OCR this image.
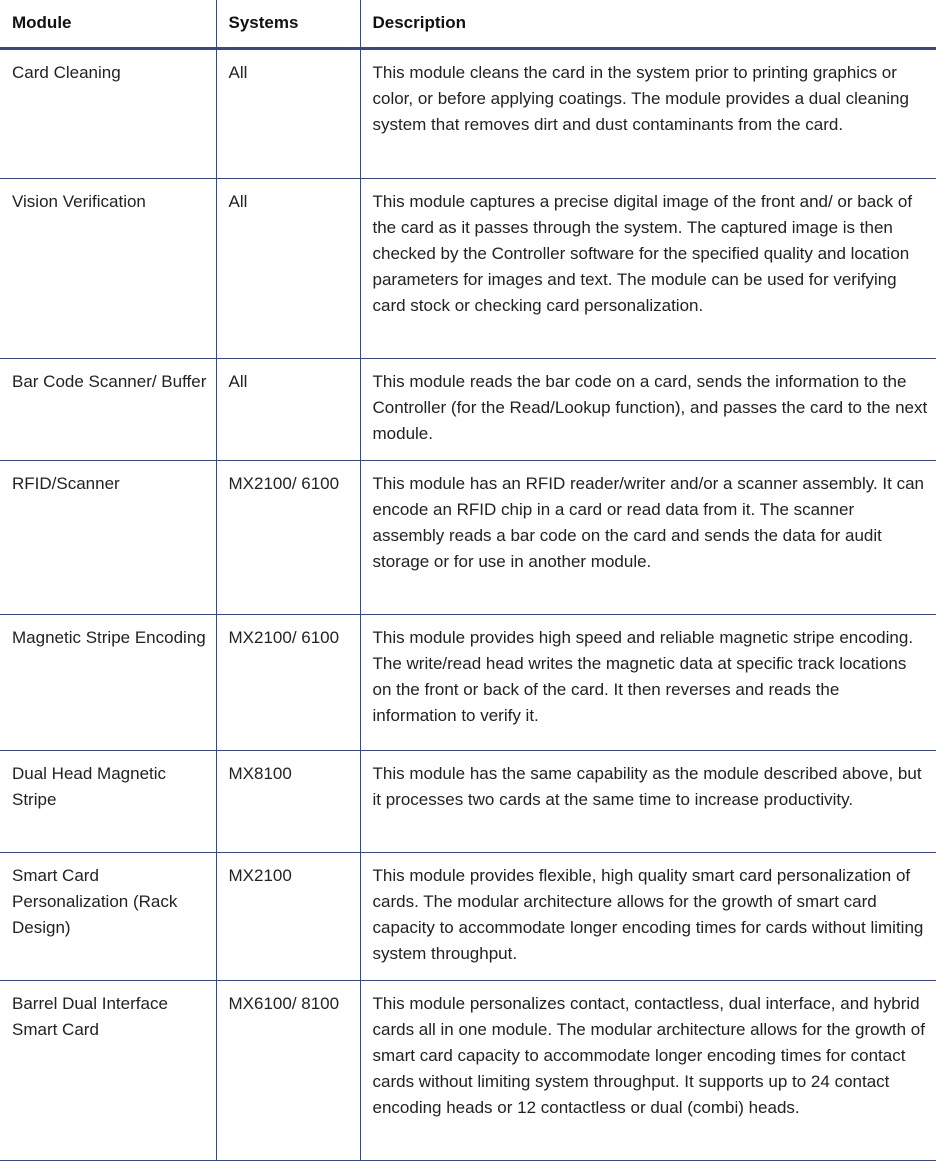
Module	Systems	Description
Card Cleaning	All	This module cleans the card in the system prior to printing graphics or color, or before applying coatings. The module provides a dual cleaning system that removes dirt and dust contaminants from the card.
Vision Verification	All	This module captures a precise digital image of the front and/ or back of the card as it passes through the system. The captured image is then checked by the Controller software for the specified quality and location parameters for images and text. The module can be used for verifying card stock or checking card personalization.
Bar Code Scanner/ Buffer	All	This module reads the bar code on a card, sends the information to the Controller (for the Read/Lookup function), and passes the card to the next module.
RFID/Scanner	MX2100/ 6100	This module has an RFID reader/writer and/or a scanner assembly. It can encode an RFID chip in a card or read data from it. The scanner assembly reads a bar code on the card and sends the data for audit storage or for use in another module.
Magnetic Stripe Encoding	MX2100/ 6100	This module provides high speed and reliable magnetic stripe encoding. The write/read head writes the magnetic data at specific track locations on the front or back of the card. It then reverses and reads the information to verify it.
Dual Head Magnetic Stripe	MX8100	This module has the same capability as the module described above, but it processes two cards at the same time to increase productivity.
Smart Card Personalization (Rack Design)	MX2100	This module provides flexible, high quality smart card personalization of cards. The modular architecture allows for the growth of smart card capacity to accommodate longer encoding times for cards without limiting system throughput.
Barrel Dual Interface Smart Card	MX6100/ 8100	This module personalizes contact, contactless, dual interface, and hybrid cards all in one module. The modular architecture allows for the growth of smart card capacity to accommodate longer encoding times for contact cards without limiting system throughput. It supports up to 24 contact encoding heads or 12 contactless or dual (combi) heads.
